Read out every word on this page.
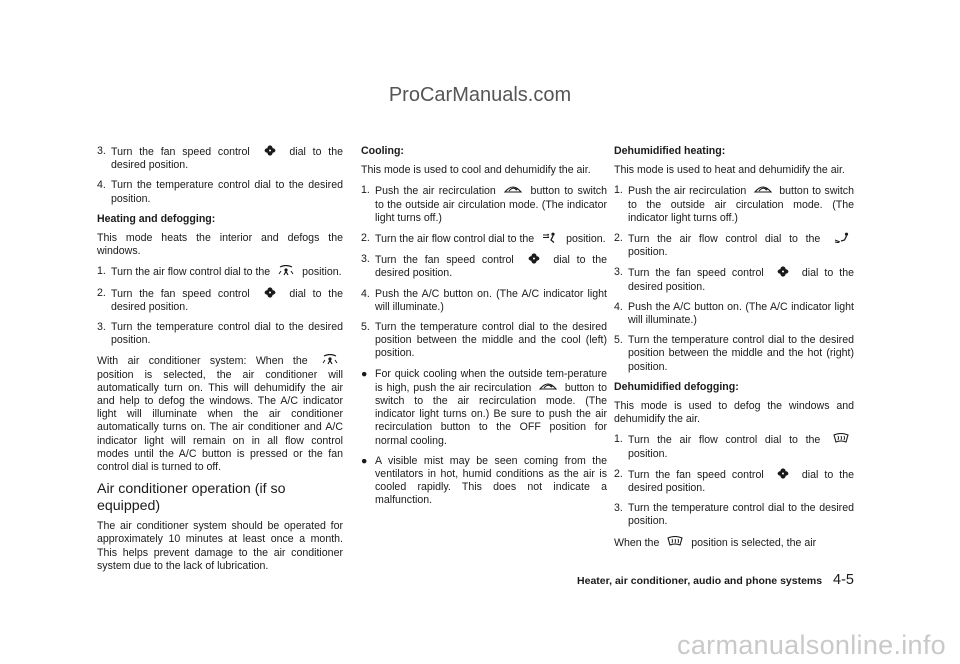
ProCarManuals.com
3. Turn the fan speed control	dial to the desired position.
4. Turn the temperature control dial to the desired position.
Heating and defogging:
This mode heats the interior and defogs the windows.
1. Turn the air flow control dial to the	position.
2. Turn the fan speed control	dial to the desired position.
3. Turn the temperature control dial to the desired position.
With air conditioner system: When the
position is selected, the air conditioner will automatically turn on. This will dehumidify the air and help to defog the windows. The A/C indicator light will illuminate when the air conditioner automatically turns on. The air conditioner and A/C indicator light will remain on in all flow control modes until the A/C button is pressed or the fan control dial is turned to off.
Air conditioner operation (if so equipped)
The air conditioner system should be operated for approximately 10 minutes at least once a month. This helps prevent damage to the air conditioner system due to the lack of lubrication.
Cooling:
This mode is used to cool and dehumidify the air.
1. Push the air recirculation	button to switch to the outside air circulation mode. (The indicator light turns off.)
2. Turn the air flow control dial to the	position.
3. Turn the fan speed control	dial to the desired position.
4. Push the A/C button on. (The A/C indicator light will illuminate.)
5. Turn the temperature control dial to the desired position between the middle and the cool (left) position.
● For quick cooling when the outside tem-perature is high, push the air recirculation	button to switch to the air recirculation mode. (The indicator light turns on.) Be sure to push the air recirculation button to the OFF position for normal cooling.
● A visible mist may be seen coming from the ventilators in hot, humid conditions as the air is cooled rapidly. This does not indicate a malfunction.
Dehumidified heating:
This mode is used to heat and dehumidify the air.
1. Push the air recirculation	button to switch to the outside air circulation mode. (The indicator light turns off.)
2. Turn the air flow control dial to the
position.
3. Turn the fan speed control	dial to the desired position.
4. Push the A/C button on. (The A/C indicator light will illuminate.)
5. Turn the temperature control dial to the desired position between the middle and the hot (right) position.
Dehumidified defogging:
This mode is used to defog the windows and dehumidify the air.
1. Turn the air flow control dial to the
position.
2. Turn the fan speed control	dial to the desired position.
3. Turn the temperature control dial to the desired position.
When the	position is selected, the air
Heater, air conditioner, audio and phone systems 4-5
carmanualsonline.info
